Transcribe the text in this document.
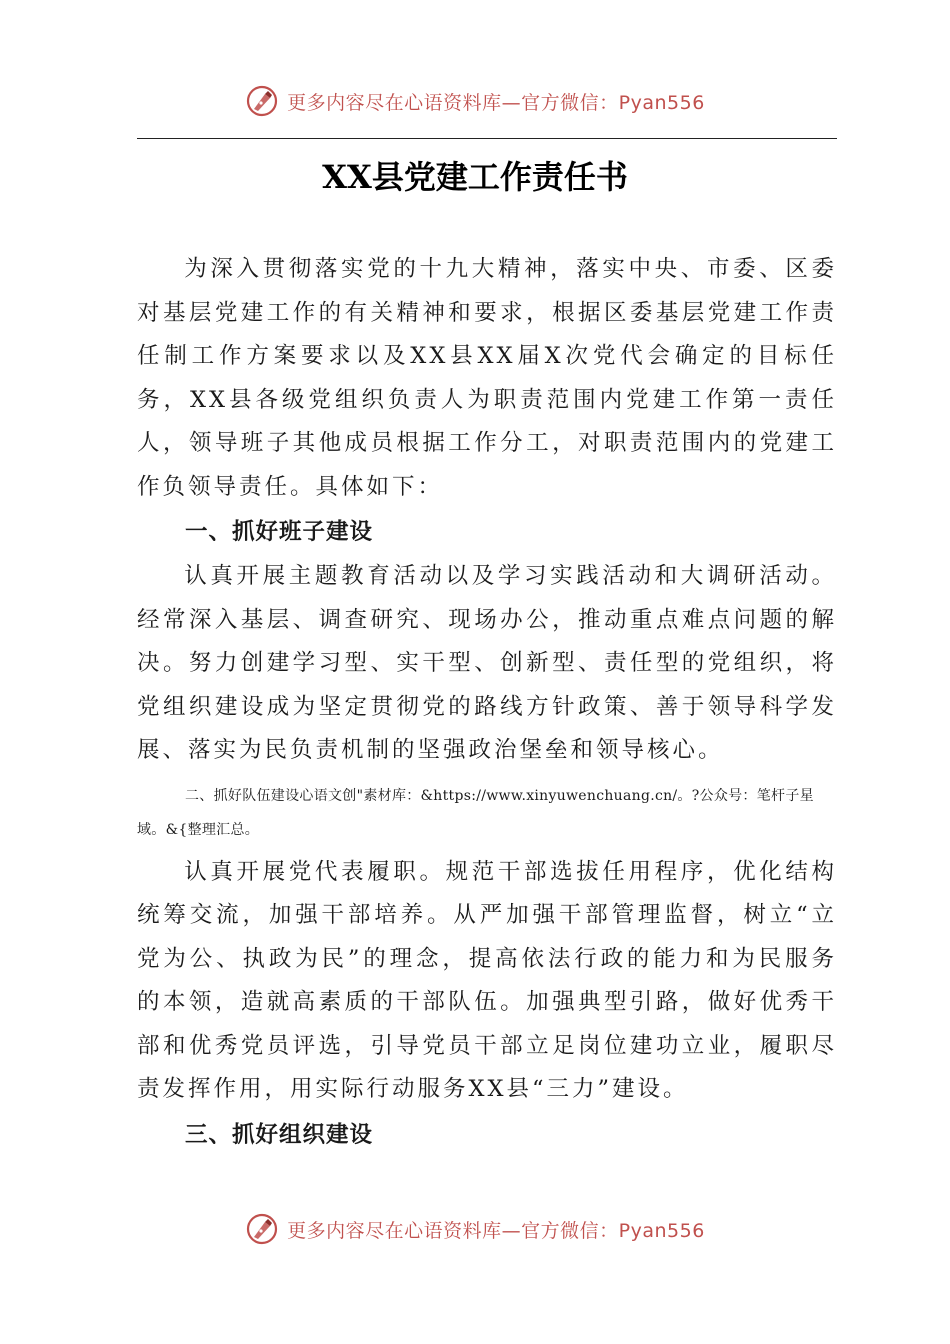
更多内容尽在心语资料库—官方微信：Pyan556
XX县党建工作责任书

为深入贯彻落实党的十九大精神，落实中央、市委、区委对基层党建工作的有关精神和要求，根据区委基层党建工作责任制工作方案要求以及XX县XX届X次党代会确定的目标任务，XX县各级党组织负责人为职责范围内党建工作第一责任人，领导班子其他成员根据工作分工，对职责范围内的党建工作负领导责任。具体如下：

一、抓好班子建设

认真开展主题教育活动以及学习实践活动和大调研活动。经常深入基层、调查研究、现场办公，推动重点难点问题的解决。努力创建学习型、实干型、创新型、责任型的党组织，将党组织建设成为坚定贯彻党的路线方针政策、善于领导科学发展、落实为民负责机制的坚强政治堡垒和领导核心。

二、抓好队伍建设心语文创"素材库：&https://www.xinyuwenchuang.cn/。?公众号：笔杆子星域。&{整理汇总。

认真开展党代表履职。规范干部选拔任用程序，优化结构统筹交流，加强干部培养。从严加强干部管理监督，树立“立党为公、执政为民”的理念，提高依法行政的能力和为民服务的本领，造就高素质的干部队伍。加强典型引路，做好优秀干部和优秀党员评选，引导党员干部立足岗位建功立业，履职尽责发挥作用，用实际行动服务XX县“三力”建设。

三、抓好组织建设

更多内容尽在心语资料库—官方微信：Pyan556
